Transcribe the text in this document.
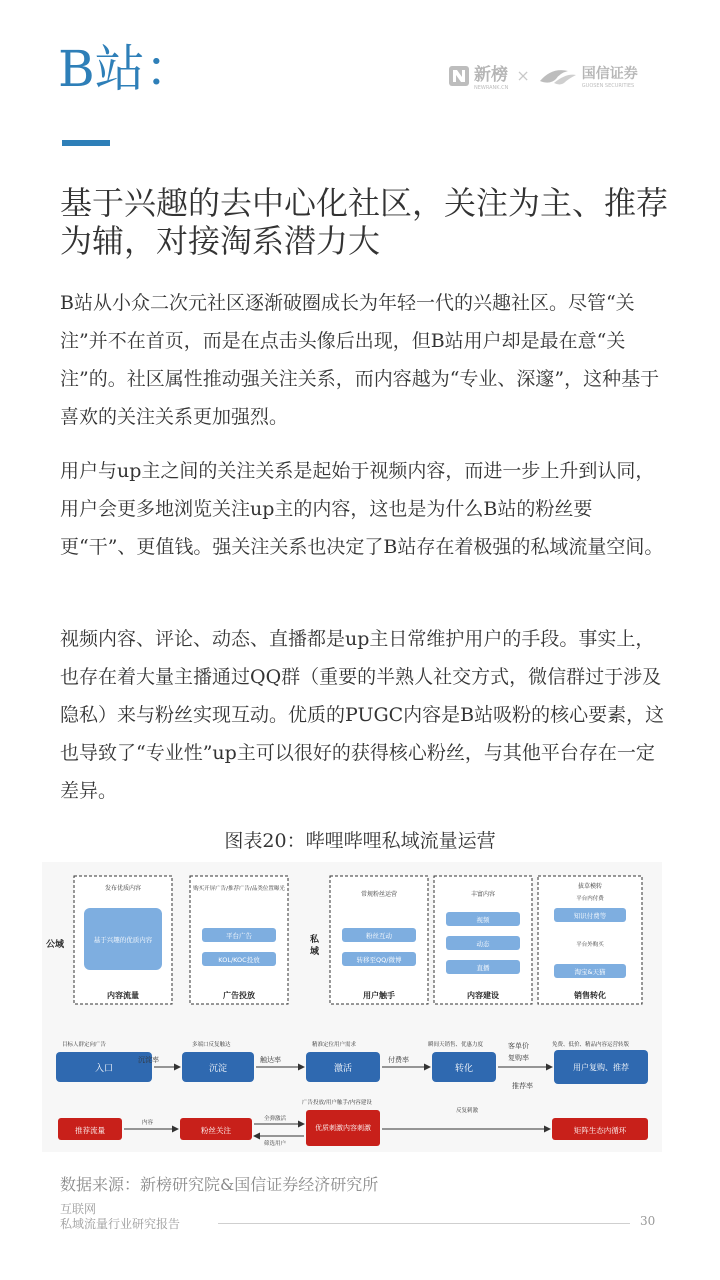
B站：	新榜
NEWRANK.CN
×	国信证券
GUOSEN SECURITIES
基于兴趣的去中心化社区，关注为主、推荐为辅，对接淘系潜力大
B站从小众二次元社区逐渐破圈成长为年轻一代的兴趣社区。尽管“关注”并不在首页，而是在点击头像后出现，但B站用户却是最在意“关注”的。社区属性推动强关注关系，而内容越为“专业、深邃”，这种基于喜欢的关注关系更加强烈。
用户与up主之间的关注关系是起始于视频内容，而进一步上升到认同，用户会更多地浏览关注up主的内容，这也是为什么B站的粉丝要更“干”、更值钱。强关注关系也决定了B站存在着极强的私域流量空间。
视频内容、评论、动态、直播都是up主日常维护用户的手段。事实上，也存在着大量主播通过QQ群（重要的半熟人社交方式，微信群过于涉及隐私）来与粉丝实现互动。优质的PUGC内容是B站吸粉的核心要素，这也导致了“专业性”up主可以很好的获得核心粉丝，与其他平台存在一定差异。
图表20：哔哩哔哩私域流量运营
公域	私域
发布优质内容
基于兴趣的优质内容
内容流量
购买开屏广告/推荐广告/品类位置曝光
平台广告
KOL/KOC投放
广告投放
常规粉丝运营
粉丝互动
转移至QQ/微博
用户触手
丰富内容
视频
动态
直播
内容建设
拔草模转
平台内付费
知识付费等
平台外购买
淘宝&天猫
销售转化
目标人群定向广告	多端口反复触达	精准定位用户需求	瞬间天销售、优惠力度	免费、低价、精品内容运营转版
入口	沉淀	激活	转化	用户复购、推荐
沉淀率	触达率	付费率
客单价
复购率
推荐率
推荐流量	粉丝关注	优质刺激内容刺激	矩阵生态内循环
内容
全弹激活
筛选用户
广告投放/用户触手/内容建设
反复刺激
数据来源：新榜研究院&国信证券经济研究所
互联网
私域流量行业研究报告	30
